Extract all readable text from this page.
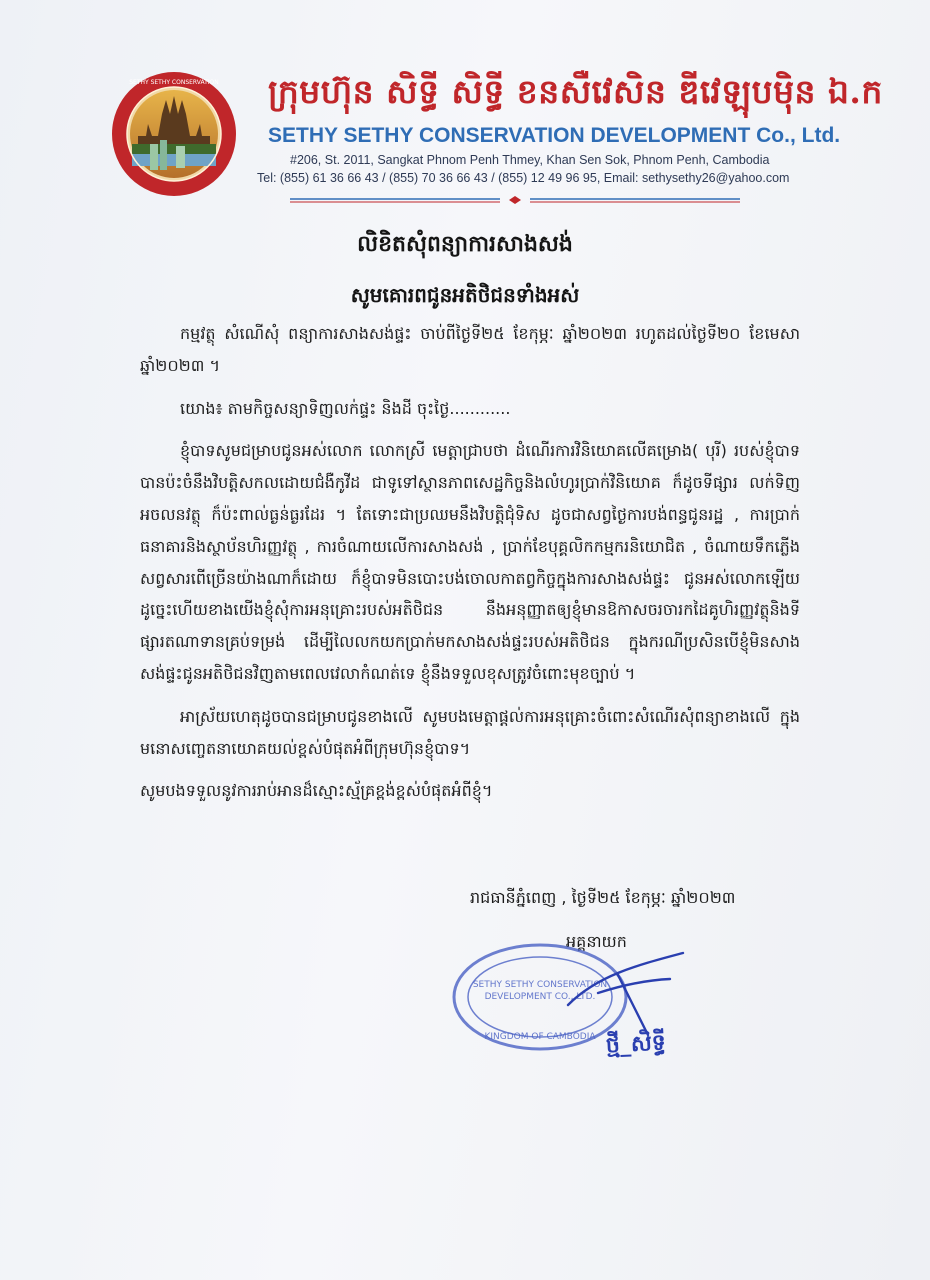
SETHY SETHY CONSERVATION ក្រុមហ៊ុន សិទ្ធី សិទ្ធី ខនសឺវេសិន ឌីវេឡុបម៉ិន ឯ.ក
SETHY SETHY CONSERVATION DEVELOPMENT Co., Ltd.
#206, St. 2011, Sangkat Phnom Penh Thmey, Khan Sen Sok, Phnom Penh, Cambodia
Tel: (855) 61 36 66 43 / (855) 70 36 66 43 / (855) 12 49 96 95, Email: sethysethy26@yahoo.com
លិខិតសុំពន្យាការសាងសង់
សូមគោរពជូនអតិថិជនទាំងអស់

កម្មវត្ថុ សំណើសុំ ពន្យាការសាងសង់ផ្ទះ ចាប់ពីថ្ងៃទី២៥ ខែកុម្ភៈ ឆ្នាំ២០២៣ រហូតដល់ថ្ងៃទី២០ ខែមេសា ឆ្នាំ២០២៣ ។

យោង៖ តាមកិច្ចសន្យាទិញលក់ផ្ទះ និងដី ចុះថ្ងៃ............

ខ្ញុំបាទសូមជម្រាបជូនអស់លោក លោកស្រី មេត្តាជ្រាបថា ដំណើរការវិនិយោគលើគម្រោង( បុរី) របស់ខ្ញុំបាទ បានប៉ះចំនឹងវិបត្តិសកលដោយជំងឺកូវីដ ជាទូទៅស្ថានភាពសេដ្ឋកិច្ចនិងលំហូរប្រាក់វិនិយោគ ក៏ដូចទីផ្សារ លក់ទិញ អចលនវត្ថុ ក៏ប៉ះពាល់ធ្ងន់ធ្ងរដែរ ។ តែទោះជាប្រឈមនឹងវិបត្តិជុំទិស ដូចជាសព្វថ្ងៃការបង់ពន្ធជូនរដ្ឋ , ការប្រាក់ធនាគារនិងស្ថាប័នហិរញ្ញវត្ថុ , ការចំណាយលើការសាងសង់ , ប្រាក់ខែបុគ្គលិកកម្មករនិយោជិត , ចំណាយទឹកភ្លើងសព្វសារពើច្រើនយ៉ាងណាក៏ដោយ ក៏ខ្ញុំបាទមិនបោះបង់ចោលកាតព្វកិច្ចក្នុងការសាងសង់ផ្ទះ ជូនអស់លោកឡើយ ដូច្នេះហើយខាងយើងខ្ញុំសុំការអនុគ្រោះរបស់អតិថិជន នឹងអនុញ្ញាតឲ្យខ្ញុំមានឱកាសចរចារកដៃគូហិរញ្ញវត្ថុនិងទីផ្សារតណាទានគ្រប់ទម្រង់ ដើម្បីលៃលកយកប្រាក់មកសាងសង់ផ្ទះរបស់អតិថិជន ក្នុងករណីប្រសិនបើខ្ញុំមិនសាងសង់ផ្ទះជូនអតិថិជនវិញតាមពេលវេលាកំណត់ទេ ខ្ញុំនឹងទទួលខុសត្រូវចំពោះមុខច្បាប់ ។

អាស្រ័យហេតុដូចបានជម្រាបជូនខាងលើ សូមបងមេត្តាផ្តល់ការអនុគ្រោះចំពោះសំណើរសុំពន្យាខាងលើ ក្នុងមនោសញ្ចេតនាយោគយល់ខ្ពស់បំផុតអំពីក្រុមហ៊ុនខ្ញុំបាទ។

សូមបងទទួលនូវការរាប់អានដ៏ស្មោះស្ម័គ្រខ្ពង់ខ្ពស់បំផុតអំពីខ្ញុំ។

រាជធានីភ្នំពេញ , ថ្ងៃទី២៥ ខែកុម្ភៈ ឆ្នាំ២០២៣
អគ្គនាយក
SETHY SETHY CONSERVATION
DEVELOPMENT CO., LTD.
KINGDOM OF CAMBODIA ថ្មី_សិទ្ធី
